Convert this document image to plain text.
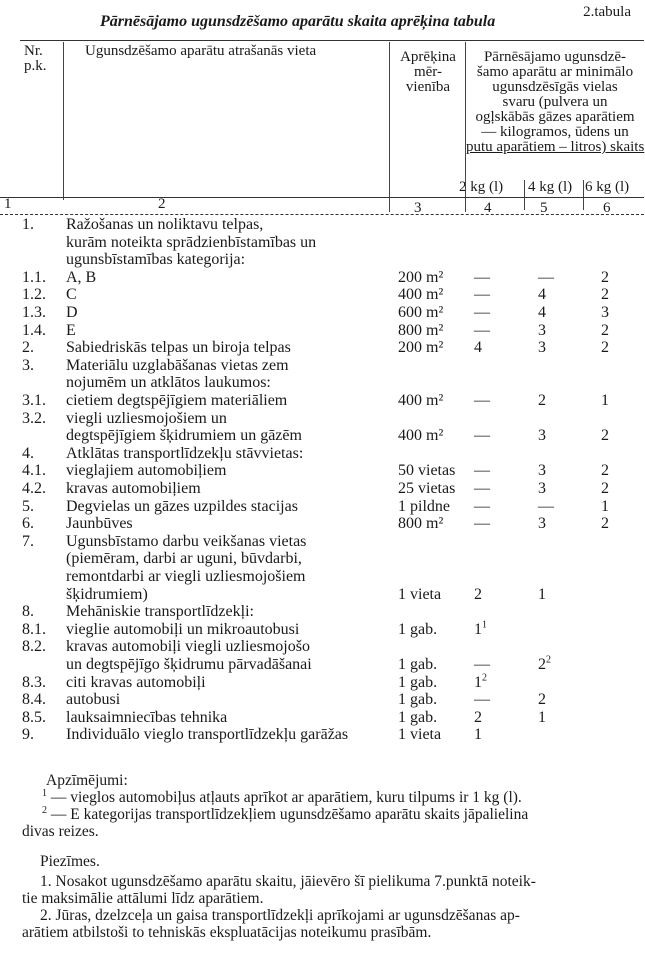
2.tabula
Pārnēsājamo ugunsdzēšamo aparātu skaita aprēķina tabula
Nr.
p.k.
Ugunsdzēšamo aparātu atrašanās vieta	Aprēķina
mēr-
vienība
Pārnēsājamo ugunsdzē-
šamo aparātu ar minimālo
ugunsdzēsīgās vielas
svaru (pulvera un
ogļskābās gāzes aparātiem
— kilogramos, ūdens un
putu aparātiem – litros) skaits
2 kg (l) 4 kg (l) 6 kg (l)
1	2	3	4	5	6
1. Ražošanas un noliktavu telpas,
kurām noteikta sprādzienbīstamības un
ugunsbīstamības kategorija:
1.1. A, B	200 m² —	—	2
1.2. C	400 m² —	4	2
1.3. D	600 m² —	4	3
1.4. E	800 m² —	3	2
2. Sabiedriskās telpas un biroja telpas	200 m² 4	3	2
3. Materiālu uzglabāšanas vietas zem
nojumēm un atklātos laukumos:
3.1. cietiem degtspējīgiem materiāliem	400 m² —	2	1
3.2. viegli uzliesmojošiem un
degtspējīgiem šķidrumiem un gāzēm	400 m² —	3	2
4. Atklātas transportlīdzekļu stāvvietas:
4.1. vieglajiem automobiļiem	50 vietas —	3	2
4.2. kravas automobiļiem	25 vietas —	3	2
5. Degvielas un gāzes uzpildes stacijas	1 pildne —	—	1
6. Jaunbūves	800 m² —	3	2
7. Ugunsbīstamo darbu veikšanas vietas
(piemēram, darbi ar uguni, būvdarbi,
remontdarbi ar viegli uzliesmojošiem
šķidrumiem)	1 vieta 2	1
8. Mehāniskie transportlīdzekļi:
8.1. vieglie automobiļi un mikroautobusi	1 gab. $1^1$
8.2. kravas automobiļi viegli uzliesmojošo
un degtspējīgo šķidrumu pārvadāšanai	1 gab. —	$2^2$
8.3. citi kravas automobiļi	1 gab. $1^2$
8.4. autobusi	1 gab. —	2
8.5. lauksaimniecības tehnika	1 gab. 2	1
9. Individuālo vieglo transportlīdzekļu garāžas	1 vieta 1

Apzīmējumi:

$^1$ — vieglos automobiļus atļauts aprīkot ar aparātiem, kuru tilpums ir 1 kg (l).

$^2$ — E kategorijas transportlīdzekļiem ugunsdzēšamo aparātu skaits jāpalielina

divas reizes.

Piezīmes.

1. Nosakot ugunsdzēšamo aparātu skaitu, jāievēro šī pielikuma 7.punktā noteik-

tie maksimālie attālumi līdz aparātiem.

2. Jūras, dzelzceļa un gaisa transportlīdzekļi aprīkojami ar ugunsdzēšanas ap-

arātiem atbilstoši to tehniskās ekspluatācijas noteikumu prasībām.
